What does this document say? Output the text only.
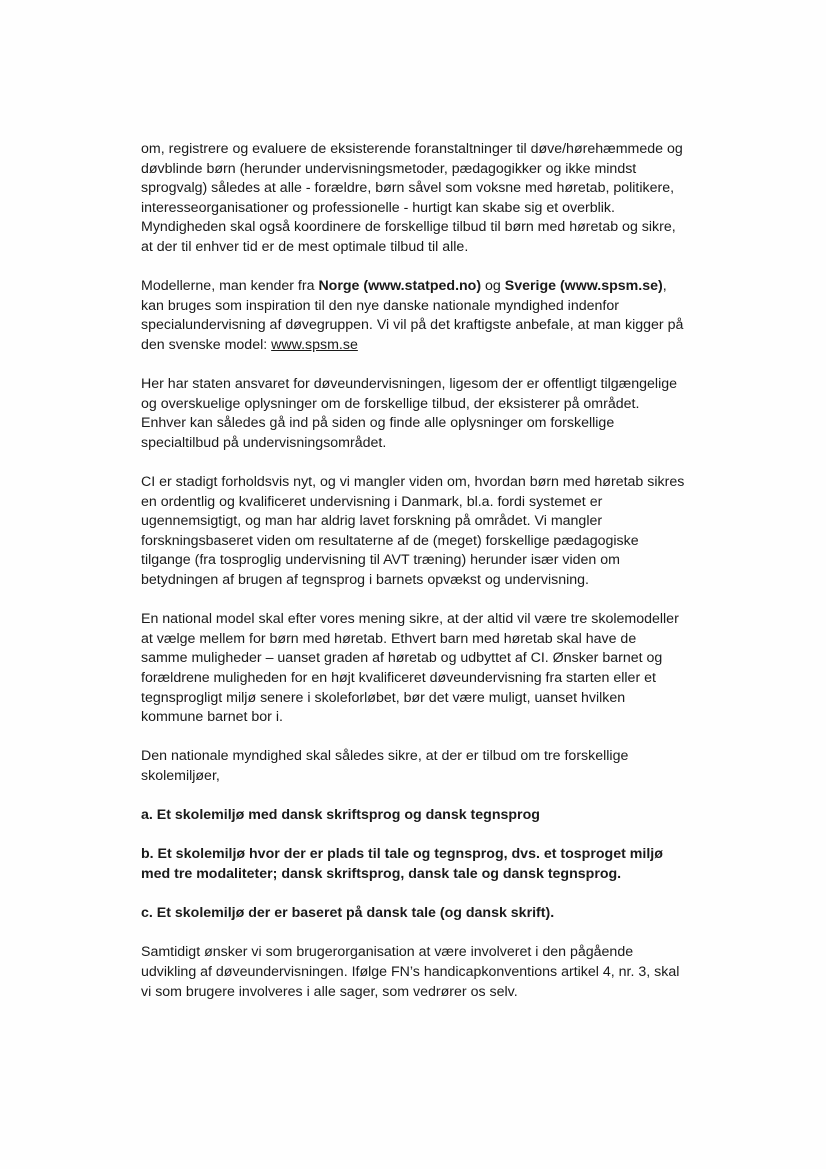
om, registrere og evaluere de eksisterende foranstaltninger til døve/hørehæmmede og døvblinde børn (herunder undervisningsmetoder, pædagogikker og ikke mindst sprogvalg) således at alle - forældre, børn såvel som voksne med høretab, politikere, interesseorganisationer og professionelle - hurtigt kan skabe sig et overblik. Myndigheden skal også koordinere de forskellige tilbud til børn med høretab og sikre, at der til enhver tid er de mest optimale tilbud til alle.

Modellerne, man kender fra Norge (www.statped.no) og Sverige (www.spsm.se), kan bruges som inspiration til den nye danske nationale myndighed indenfor specialundervisning af døvegruppen. Vi vil på det kraftigste anbefale, at man kigger på den svenske model: www.spsm.se

Her har staten ansvaret for døveundervisningen, ligesom der er offentligt tilgængelige og overskuelige oplysninger om de forskellige tilbud, der eksisterer på området. Enhver kan således gå ind på siden og finde alle oplysninger om forskellige specialtilbud på undervisningsområdet.

CI er stadigt forholdsvis nyt, og vi mangler viden om, hvordan børn med høretab sikres en ordentlig og kvalificeret undervisning i Danmark, bl.a. fordi systemet er ugennemsigtigt, og man har aldrig lavet forskning på området. Vi mangler forskningsbaseret viden om resultaterne af de (meget) forskellige pædagogiske tilgange (fra tosproglig undervisning til AVT træning) herunder især viden om betydningen af brugen af tegnsprog i barnets opvækst og undervisning.

En national model skal efter vores mening sikre, at der altid vil være tre skolemodeller at vælge mellem for børn med høretab. Ethvert barn med høretab skal have de samme muligheder – uanset graden af høretab og udbyttet af CI. Ønsker barnet og forældrene muligheden for en højt kvalificeret døveundervisning fra starten eller et tegnsprogligt miljø senere i skoleforløbet, bør det være muligt, uanset hvilken kommune barnet bor i.

Den nationale myndighed skal således sikre, at der er tilbud om tre forskellige skolemiljøer,

a. Et skolemiljø med dansk skriftsprog og dansk tegnsprog

b. Et skolemiljø hvor der er plads til tale og tegnsprog, dvs. et tosproget miljø med tre modaliteter; dansk skriftsprog, dansk tale og dansk tegnsprog.

c. Et skolemiljø der er baseret på dansk tale (og dansk skrift).

Samtidigt ønsker vi som brugerorganisation at være involveret i den pågående udvikling af døveundervisningen. Ifølge FN’s handicapkonventions artikel 4, nr. 3, skal vi som brugere involveres i alle sager, som vedrører os selv.
